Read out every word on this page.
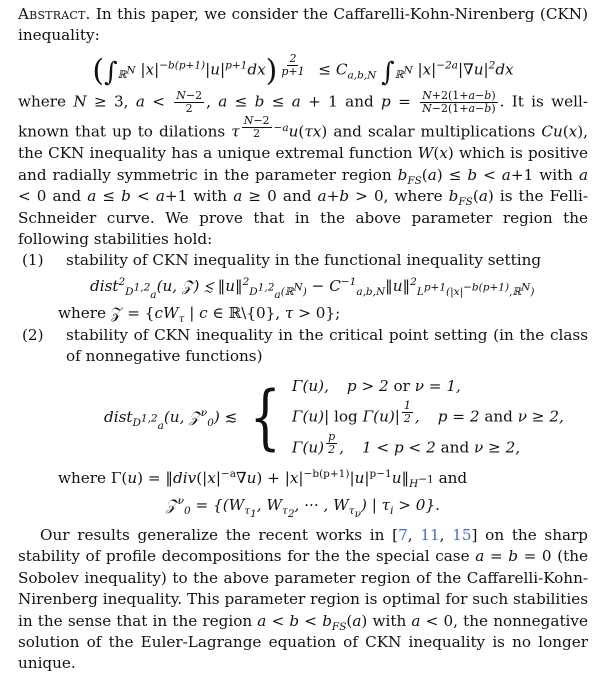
Abstract. In this paper, we consider the Caffarelli-Kohn-Nirenberg (CKN) inequality:

($\int_{ℝ^N}$ $|x|^{-b(p+1)}|u|^{p+1}dx$) $^{\frac{2}{p+1}} \le C_{a,b,N}$ $\int_{ℝ^N}$ $|x|^{-2a}|\nabla u|^2dx$

where N ≥ 3, $a < \frac{N-2}{2}$ , a ≤ b ≤ a + 1 and $p = \frac{N+2(1+a-b)}{N-2(1+a-b)}$ . It is well-known that up to dilations τ $^{\frac{N-2}{2} -a}$u(τx) and scalar multiplications Cu(x), the CKN inequality has a unique extremal function W(x) which is positive and radially symmetric in the parameter region $b_{FS}(a) \le b < a+1$ with a < 0 and a ≤ b < a+1 with a ≥ 0 and a+b > 0, where $b_{FS}(a)$ is the Felli-Schneider curve. We prove that in the above parameter region the following stabilities hold:

(1)	stability of CKN inequality in the functional inequality setting
dist$^2_{D^{1,2}_a}$(u, 𝒵) ≲ ‖u‖$^2_{D^{1,2}_a(ℝ^N)}$ − $C^{-1}_{a,b,N}‖u‖^2_{L^{p+1}(|x|^{-b(p+1)},ℝ^N)}$
where 𝒵 = {$cW_\tau$ | c ∈ ℝ\{0}, τ > 0};
(2)	stability of CKN inequality in the critical point setting (in the class of nonnegative functions)
dist$_{D^{1,2}_a}$(u, 𝒵$^\nu_0$) ≲ { Γ(u), p > 2 or ν = 1,
Γ(u)| log Γ(u)| $^{\frac{1}{2}}$ , p = 2 and ν ≥ 2,
Γ(u) $^{\frac{p}{2}}$ , 1 < p < 2 and ν ≥ 2,
where $\Gamma(u) = ‖div(|x|^{-a}\nabla u)$ + $|x|^{-b(p+1)}|u|^{p-1}u‖_{H^{-1}}$ and
𝒵$^\nu_0$ = {($W_{\tau_1}$, $W_{\tau_2}$, ··· , $W_{\tau_\nu}$) | $\tau_i > 0$}.

Our results generalize the recent works in [7, 11, 15] on the sharp stability of profile decompositions for the the special case a = b = 0 (the Sobolev inequality) to the above parameter region of the Caffarelli-Kohn-Nirenberg inequality. This parameter region is optimal for such stabilities in the sense that in the region $a < b < b_{FS}(a)$ with a < 0, the nonnegative solution of the Euler-Lagrange equation of CKN inequality is no longer unique.
